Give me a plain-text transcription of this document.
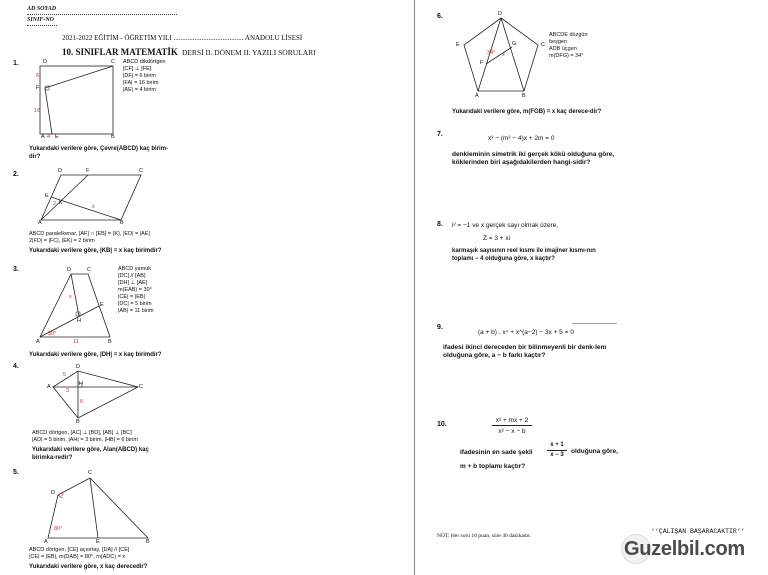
AD SOYAD
SINIF-NO
2021-2022 EĞİTİM - ÖĞRETİM YILI ........................................ ANADOLU LİSESİ
10. SINIFLAR MATEMATİK DERSİ II. DÖNEM II. YAZILI SORULARI
1.	D	C
F
A E	B
6
16
4
ABCD dikdörtgen
[CF] ⊥ [FE]
|DF| = 6 birim
|FA| = 16 birim
|AE| = 4 birim
Yukarıdaki verilere göre, Çevre(ABCD) kaç birim-dir?
2.	D	F	C
E
K
A	B
x
2
ABCD paralelkenar, [AF] ∩ [EB] = {K}, |ED| = |AE|
2|FD| = |FC|, |EK| = 2 birim
Yukarıdaki verilere göre, |KB| = x kaç birimdir?
3.	D	C
E
H
A	B
x
30°
11
ABCD yamuk
[DC] // [AB]
[DH] ⊥ [AE]
m(EAB) = 30°
|CE| = |EB|
|DC| = 5 birim
|AB| = 11 birim
Yukarıdaki verilere göre, |DH| = x kaç birimdir?
4.	D
A	H	C
B
5
3
6
ABCD dörtgen, [AC] ⊥ [BD], [AB] ⊥ [BC]
|AD| = 5 birim, |AH| = 3 birim, |HB| = 6 birim
Yukarıdaki verilere göre, Alan(ABCD) kaç birimka-redir?
5.	C
D
A	E	B
x
80°
ABCD dörtgen, [CE] açıortay, [DA] // [CE]
|CE| = |EB|, m(DAB) = 80°, m(ADC) = x
Yukarıdaki verilere göre, x kaç derecedir?
6.	D
E	G	C
F
A	B
x
34°
ABCDE düzgün
beşgen
ADB üçgen
m(DFG) = 34°
Yukarıdaki verilere göre, m(FGB) = x kaç derece-dir?
7.
x² − (m² − 4)x + 2m = 0
denkleminin simetrik iki gerçek kökü olduğuna göre, köklerinden biri aşağıdakilerden hangi-sidir?
8. i² = −1 ve x gerçek sayı olmak üzere,
Z = 3 + xi
karmaşık sayısının reel kısmı ile imajiner kısmı-nın toplamı − 4 olduğuna göre, x kaçtır?
9.
(a + b) . x⁴ + x^(a−2) − 3x + 5 = 0
ifadesi ikinci dereceden bir bilinmeyenli bir denk-lem olduğuna göre, a − b farkı kaçtır?
10.
x² + mx + 2
x² − x − b
ifadesinin en sade şekli
x + 1
x − 3	olduğuna göre,
m + b toplamı kaçtır?
NOT: Her soru 10 puan, süre 40 dakikadır.
‘‘ÇALIŞAN BAŞARACAKTIR’’
Guzelbil.com
